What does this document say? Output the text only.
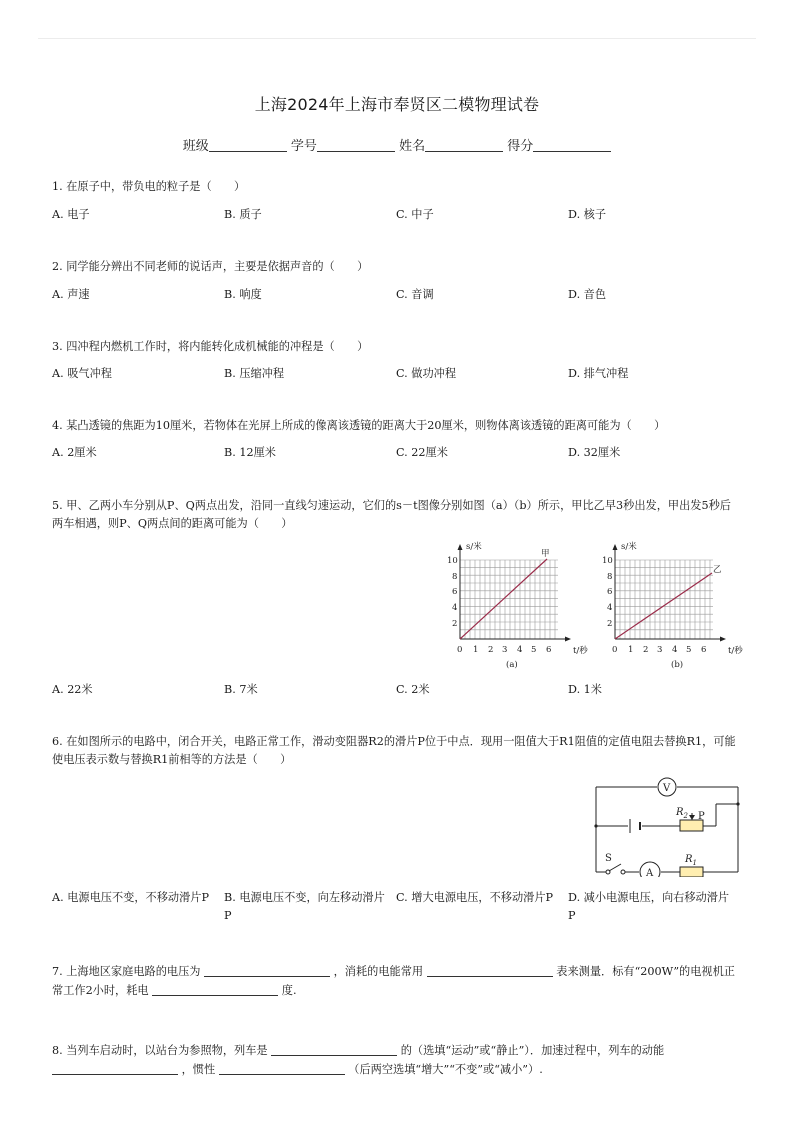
上海2024年上海市奉贤区二模物理试卷
班级	学号	姓名	得分
1. 在原子中，带负电的粒子是（　　）
A. 电子	B. 质子	C. 中子	D. 核子
2. 同学能分辨出不同老师的说话声，主要是依据声音的（　　）
A. 声速	B. 响度	C. 音调	D. 音色
3. 四冲程内燃机工作时，将内能转化成机械能的冲程是（　　）
A. 吸气冲程	B. 压缩冲程	C. 做功冲程	D. 排气冲程
4. 某凸透镜的焦距为10厘米，若物体在光屏上所成的像离该透镜的距离大于20厘米，则物体离该透镜的距离可能为（　　）
A. 2厘米	B. 12厘米	C. 22厘米	D. 32厘米
5. 甲、乙两小车分别从P、Q两点出发，沿同一直线匀速运动，它们的s－t图像分别如图（a）（b）所示，甲比乙早3秒出发，甲出发5秒后两车相遇，则P、Q两点间的距离可能为（　　）
s/米
t/秒
甲
0 1 2 3 4 5 6
2
4
6
8
10
(a)
s/米
t/秒
乙
0 1 2 3 4 5 6
2
4
6
8
10
(b)
A. 22米	B. 7米	C. 2米	D. 1米
6. 在如图所示的电路中，闭合开关，电路正常工作，滑动变阻器R2的滑片P位于中点．现用一阻值大于R1阻值的定值电阻去替换R1，可能使电压表示数与替换R1前相等的方法是（　　）
V
$R_2$ P
S
A
$R_1$
A. 电源电压不变，不移动滑片P	B. 电源电压不变，向左移动滑片P
C. 增大电源电压，不移动滑片P	D. 减小电源电压，向右移动滑片P
7. 上海地区家庭电路的电压为	，消耗的电能常用	表来测量．标有“200W”的电视机正常工作2小时，耗电	度.
8. 当列车启动时，以站台为参照物，列车是	的（选填“运动”或“静止”）．加速过程中，列车的动能  ，惯性	（后两空选填“增大”“不变”或“减小”）.
